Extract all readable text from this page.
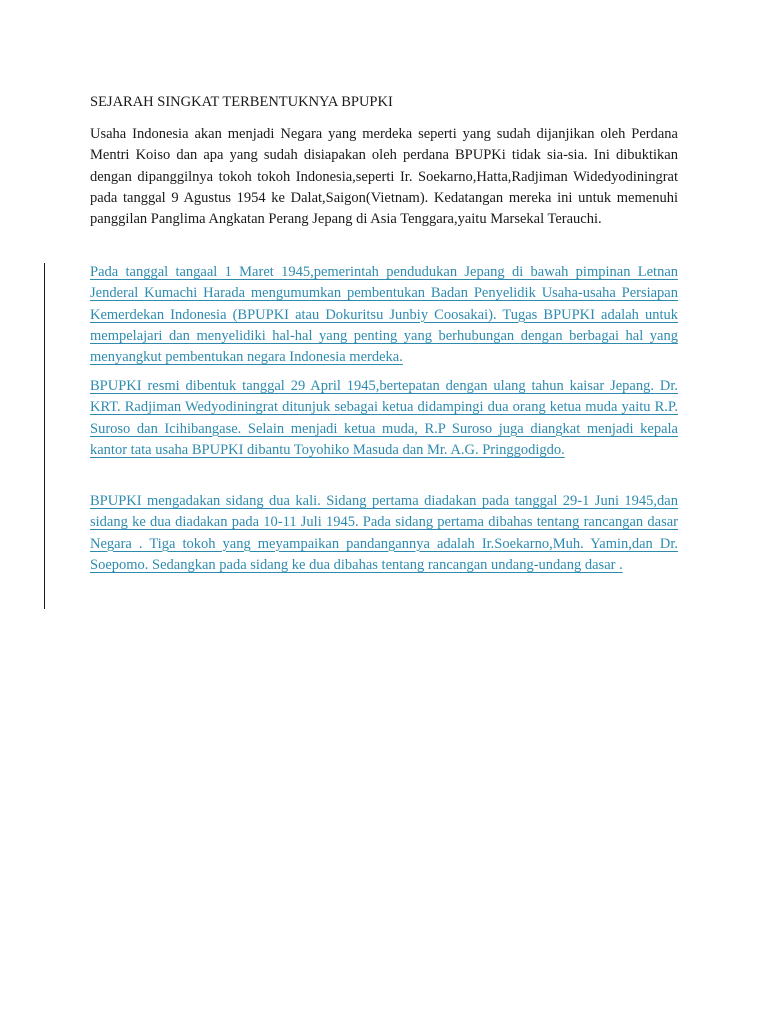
SEJARAH SINGKAT TERBENTUKNYA BPUPKI

Usaha Indonesia akan menjadi Negara yang merdeka seperti yang sudah dijanjikan oleh Perdana Mentri Koiso dan apa yang sudah disiapakan oleh perdana BPUPKi tidak sia-sia. Ini dibuktikan dengan dipanggilnya tokoh tokoh Indonesia,seperti Ir. Soekarno,Hatta,Radjiman Widedyodiningrat pada tanggal 9 Agustus 1954 ke Dalat,Saigon(Vietnam). Kedatangan mereka ini untuk memenuhi panggilan Panglima Angkatan Perang Jepang di Asia Tenggara,yaitu Marsekal Terauchi.

Pada tanggal tangaal 1 Maret 1945,pemerintah pendudukan Jepang di bawah pimpinan Letnan Jenderal Kumachi Harada mengumumkan pembentukan Badan Penyelidik Usaha-usaha Persiapan Kemerdekan Indonesia (BPUPKI atau Dokuritsu Junbiy Coosakai). Tugas BPUPKI adalah untuk mempelajari dan menyelidiki hal-hal yang penting yang berhubungan dengan berbagai hal yang menyangkut pembentukan negara Indonesia merdeka.

BPUPKI resmi dibentuk tanggal 29 April 1945,bertepatan dengan ulang tahun kaisar Jepang. Dr. KRT. Radjiman Wedyodiningrat ditunjuk sebagai ketua didampingi dua orang ketua muda yaitu R.P. Suroso dan Icihibangase. Selain menjadi ketua muda, R.P Suroso juga diangkat menjadi kepala kantor tata usaha BPUPKI dibantu Toyohiko Masuda dan Mr. A.G. Pringgodigdo.

BPUPKI mengadakan sidang dua kali. Sidang pertama diadakan pada tanggal 29-1 Juni 1945,dan sidang ke dua diadakan pada 10-11 Juli 1945. Pada sidang pertama dibahas tentang rancangan dasar Negara . Tiga tokoh yang meyampaikan pandangannya adalah Ir.Soekarno,Muh. Yamin,dan Dr. Soepomo. Sedangkan pada sidang ke dua dibahas tentang rancangan undang-undang dasar .
